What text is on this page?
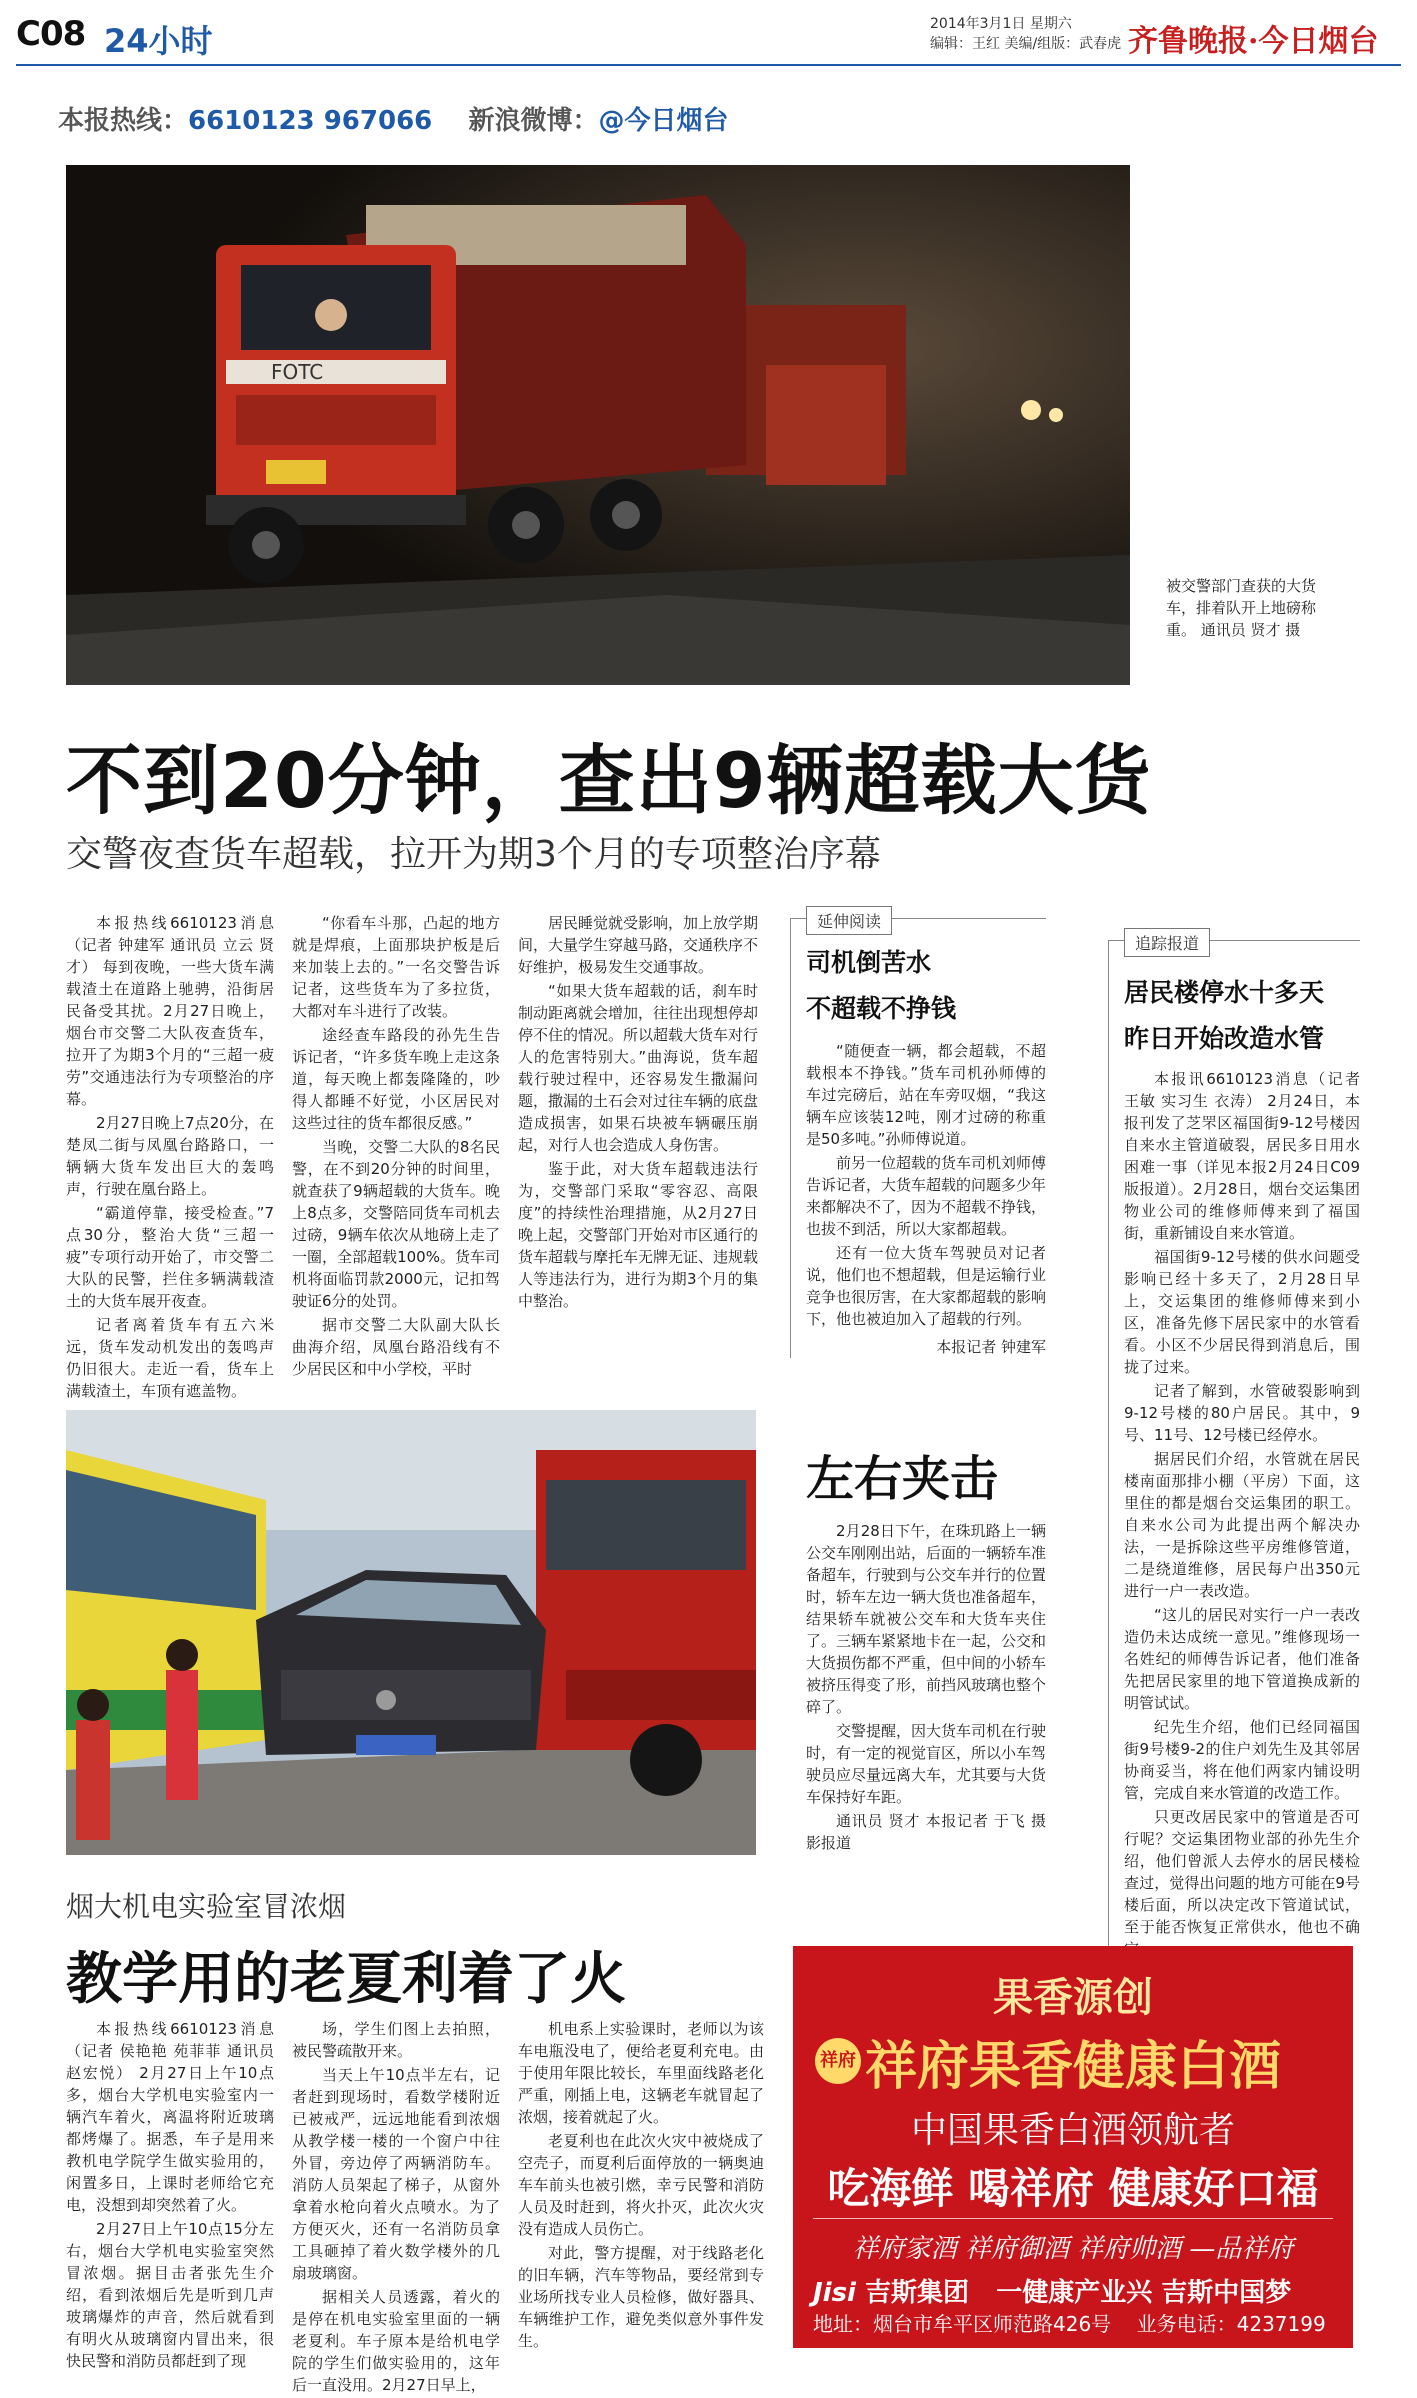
C08 24小时	2014年3月1日 星期六
编辑：王红 美编/组版：武春虎 齐鲁晚报·今日烟台
本报热线：6610123 967066 新浪微博：@今日烟台
FOTC
被交警部门查获的大货车，排着队开上地磅称重。 通讯员 贤才 摄
不到20分钟，查出9辆超载大货
交警夜查货车超载，拉开为期3个月的专项整治序幕

本报热线6610123消息（记者 钟建军 通讯员 立云 贤才） 每到夜晚，一些大货车满载渣土在道路上驰骋，沿街居民备受其扰。2月27日晚上，烟台市交警二大队夜查货车，拉开了为期3个月的“三超一疲劳”交通违法行为专项整治的序幕。

2月27日晚上7点20分，在楚凤二街与凤凰台路路口，一辆辆大货车发出巨大的轰鸣声，行驶在凰台路上。

“霸道停靠，接受检查。”7点30分，整治大货“三超一疲”专项行动开始了，市交警二大队的民警，拦住多辆满载渣土的大货车展开夜查。

记者离着货车有五六米远，货车发动机发出的轰鸣声仍旧很大。走近一看，货车上满载渣土，车顶有遮盖物。

“你看车斗那，凸起的地方就是焊痕，上面那块护板是后来加装上去的。”一名交警告诉记者，这些货车为了多拉货，大都对车斗进行了改装。

途经查车路段的孙先生告诉记者，“许多货车晚上走这条道，每天晚上都轰隆隆的，吵得人都睡不好觉，小区居民对这些过往的货车都很反感。”

当晚，交警二大队的8名民警，在不到20分钟的时间里，就查获了9辆超载的大货车。晚上8点多，交警陪同货车司机去过磅，9辆车依次从地磅上走了一圈，全部超载100%。货车司机将面临罚款2000元，记扣驾驶证6分的处罚。

据市交警二大队副大队长曲海介绍，凤凰台路沿线有不少居民区和中小学校，平时

居民睡觉就受影响，加上放学期间，大量学生穿越马路，交通秩序不好维护，极易发生交通事故。

“如果大货车超载的话，刹车时制动距离就会增加，往往出现想停却停不住的情况。所以超载大货车对行人的危害特别大。”曲海说，货车超载行驶过程中，还容易发生撒漏问题，撒漏的土石会对过往车辆的底盘造成损害，如果石块被车辆碾压崩起，对行人也会造成人身伤害。

鉴于此，对大货车超载违法行为，交警部门采取“零容忍、高限度”的持续性治理措施，从2月27日晚上起，交警部门开始对市区通行的货车超载与摩托车无牌无证、违规载人等违法行为，进行为期3个月的集中整治。

延伸阅读
司机倒苦水
不超载不挣钱

“随便查一辆，都会超载，不超载根本不挣钱。”货车司机孙师傅的车过完磅后，站在车旁叹烟，“我这辆车应该装12吨，刚才过磅的称重是50多吨。”孙师傅说道。

前另一位超载的货车司机刘师傅告诉记者，大货车超载的问题多少年来都解决不了，因为不超载不挣钱，也拔不到活，所以大家都超载。

还有一位大货车驾驶员对记者说，他们也不想超载，但是运输行业竞争也很厉害，在大家都超载的影响下，他也被迫加入了超载的行列。

本报记者 钟建军
追踪报道
居民楼停水十多天
昨日开始改造水管

本报讯6610123消息（记者 王敏 实习生 衣涛） 2月24日，本报刊发了芝罘区福国街9-12号楼因自来水主管道破裂，居民多日用水困难一事（详见本报2月24日C09版报道）。2月28日，烟台交运集团物业公司的维修师傅来到了福国街，重新铺设自来水管道。

福国街9-12号楼的供水问题受影响已经十多天了，2月28日早上，交运集团的维修师傅来到小区，准备先修下居民家中的水管看看。小区不少居民得到消息后，围拢了过来。

记者了解到，水管破裂影响到9-12号楼的80户居民。其中，9号、11号、12号楼已经停水。

据居民们介绍，水管就在居民楼南面那排小棚（平房）下面，这里住的都是烟台交运集团的职工。自来水公司为此提出两个解决办法，一是拆除这些平房维修管道，二是绕道维修，居民每户出350元进行一户一表改造。

“这儿的居民对实行一户一表改造仍未达成统一意见。”维修现场一名姓纪的师傅告诉记者，他们准备先把居民家里的地下管道换成新的明管试试。

纪先生介绍，他们已经同福国街9号楼9-2的住户刘先生及其邻居协商妥当，将在他们两家内铺设明管，完成自来水管道的改造工作。

只更改居民家中的管道是否可行呢？交运集团物业部的孙先生介绍，他们曾派人去停水的居民楼检查过，觉得出问题的地方可能在9号楼后面，所以决定改下管道试试，至于能否恢复正常供水，他也不确

左右夹击

2月28日下午，在珠玑路上一辆公交车刚刚出站，后面的一辆轿车准备超车，行驶到与公交车并行的位置时，轿车左边一辆大货也准备超车，结果轿车就被公交车和大货车夹住了。三辆车紧紧地卡在一起，公交和大货损伤都不严重，但中间的小轿车被挤压得变了形，前挡风玻璃也整个碎了。

交警提醒，因大货车司机在行驶时，有一定的视觉盲区，所以小车驾驶员应尽量远离大车，尤其要与大货车保持好车距。

通讯员 贤才 本报记者 于飞 摄影报道
烟大机电实验室冒浓烟
教学用的老夏利着了火

本报热线6610123消息（记者 侯艳艳 苑菲菲 通讯员 赵宏悦） 2月27日上午10点多，烟台大学机电实验室内一辆汽车着火，离温将附近玻璃都烤爆了。据悉，车子是用来教机电学院学生做实验用的，闲置多日，上课时老师给它充电，没想到却突然着了火。

2月27日上午10点15分左右，烟台大学机电实验室突然冒浓烟。据目击者张先生介绍，看到浓烟后先是听到几声玻璃爆炸的声音，然后就看到有明火从玻璃窗内冒出来，很快民警和消防员都赶到了现

场，学生们图上去拍照，被民警疏散开来。

当天上午10点半左右，记者赶到现场时，看数学楼附近已被戒严，远远地能看到浓烟从教学楼一楼的一个窗户中往外冒，旁边停了两辆消防车。消防人员架起了梯子，从窗外拿着水枪向着火点喷水。为了方便灭火，还有一名消防员拿工具砸掉了着火数学楼外的几扇玻璃窗。

据相关人员透露，着火的是停在机电实验室里面的一辆老夏利。车子原本是给机电学院的学生们做实验用的，这年后一直没用。2月27日早上，

机电系上实验课时，老师以为该车电瓶没电了，便给老夏利充电。由于使用年限比较长，车里面线路老化严重，刚插上电，这辆老车就冒起了浓烟，接着就起了火。

老夏利也在此次火灾中被烧成了空壳子，而夏利后面停放的一辆奥迪车车前头也被引燃，幸亏民警和消防人员及时赶到，将火扑灭，此次火灾没有造成人员伤亡。

对此，警方提醒，对于线路老化的旧车辆，汽车等物品，要经常到专业场所找专业人员检修，做好器具、车辆维护工作，避免类似意外事件发生。

果香源创
祥府 祥府果香健康白酒
中国果香白酒领航者
吃海鲜 喝祥府 健康好口福
祥府家酒 祥府御酒 祥府帅酒 —品祥府
Jisi 吉斯集团 一健康产业兴 吉斯中国梦
地址：烟台市牟平区师范路426号 业务电话：4237199
